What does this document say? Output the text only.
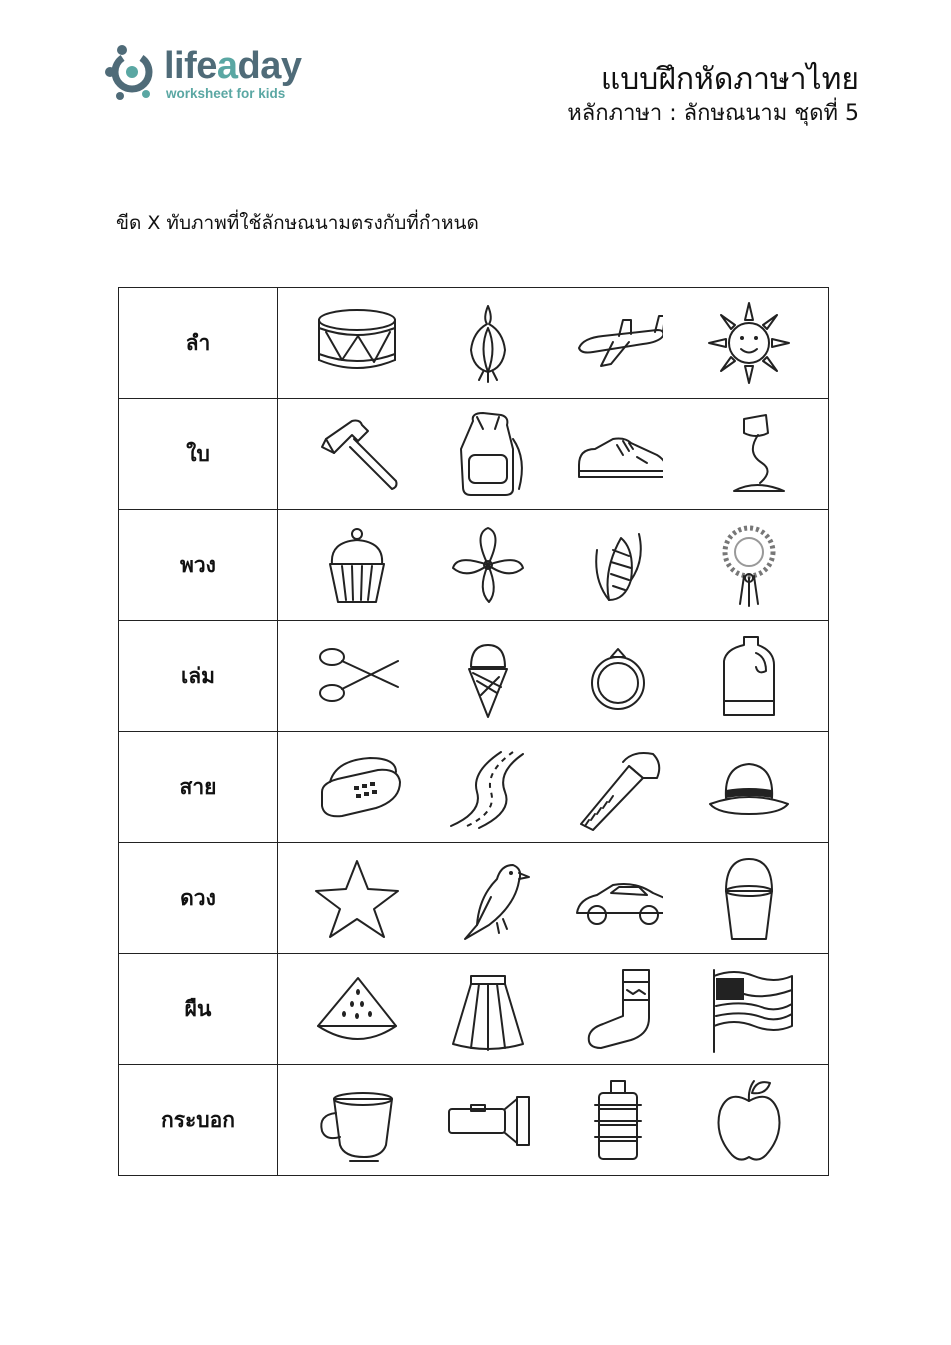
lifeaday
worksheet for kids	แบบฝึกหัดภาษาไทย
หลักภาษา : ลักษณนาม ชุดที่ 5
ขีด X ทับภาพที่ใช้ลักษณนามตรงกับที่กำหนด
ลำ	

ใบ	

พวง	

เล่ม	

สาย	

ดวง	

ผืน	

กระบอก	
